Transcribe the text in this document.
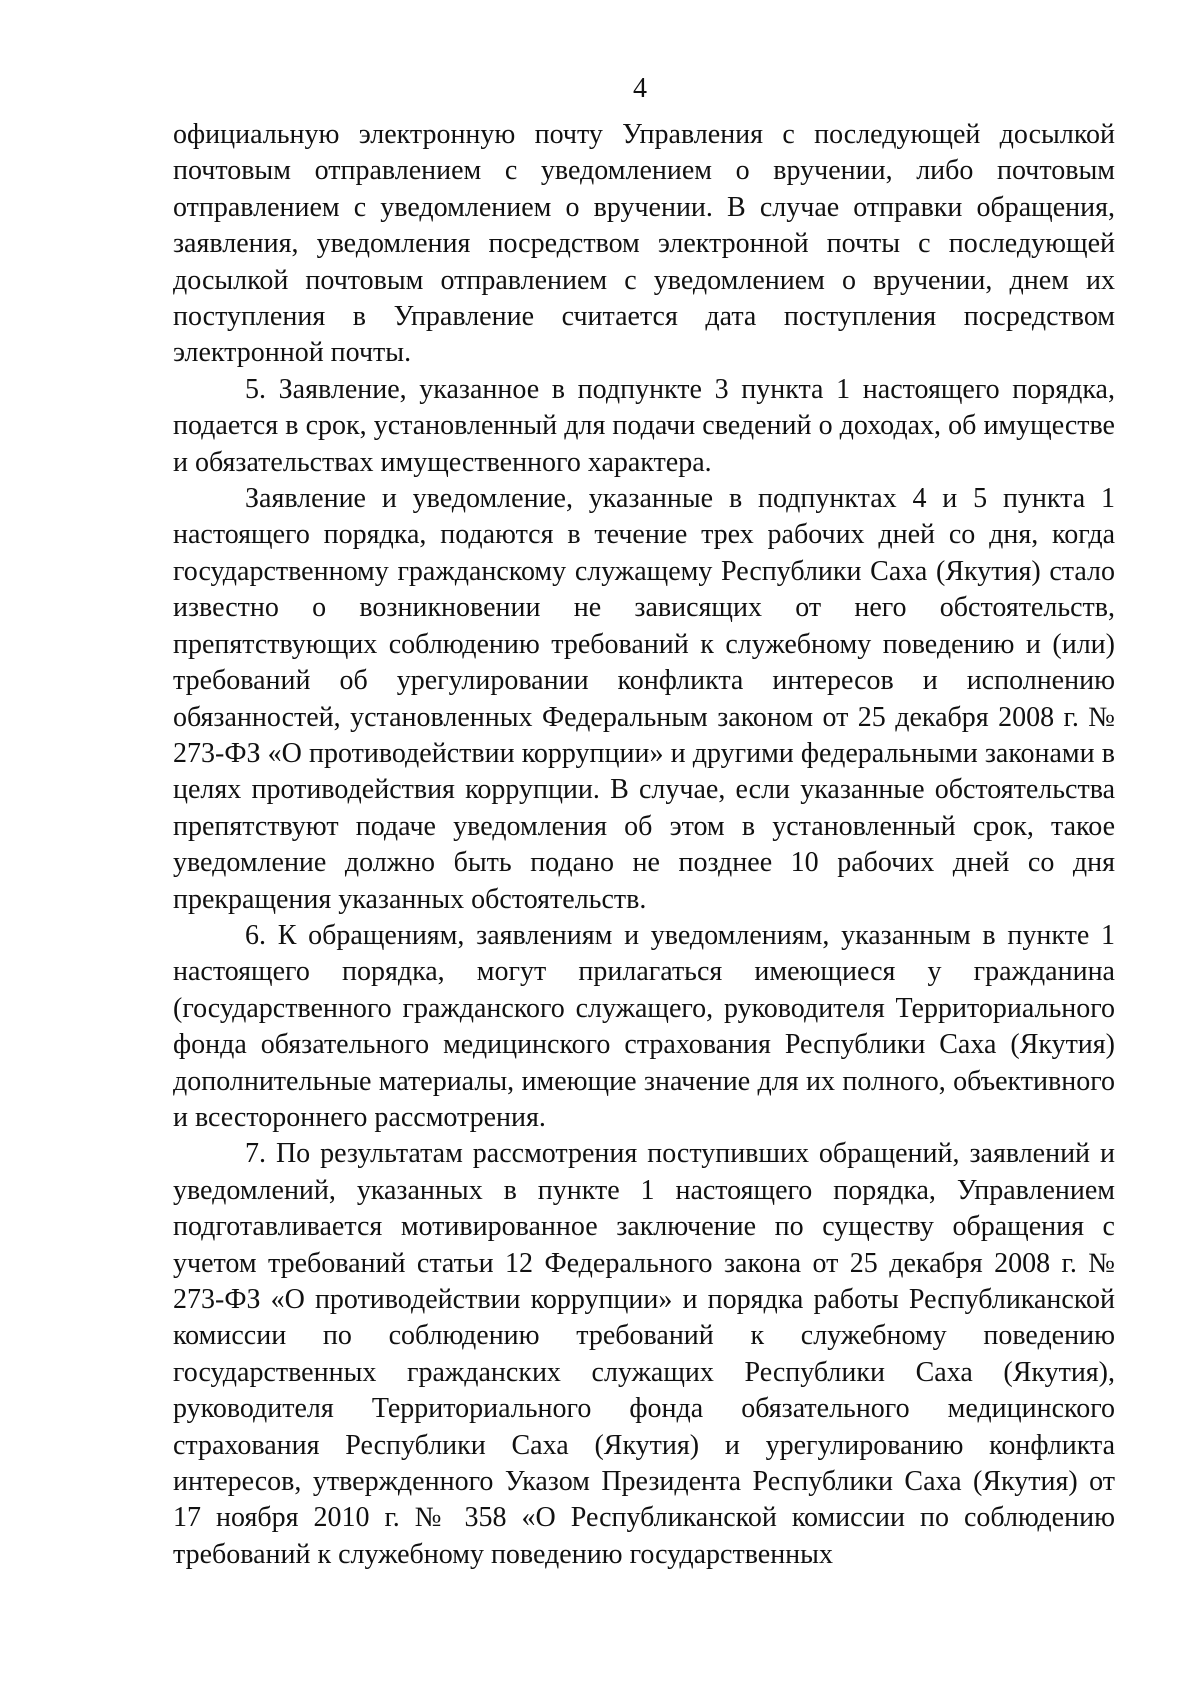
4

официальную электронную почту Управления с последующей досылкой почтовым отправлением с уведомлением о вручении, либо почтовым отправлением с уведомлением о вручении. В случае отправки обращения, заявления, уведомления посредством электронной почты с последующей досылкой почтовым отправлением с уведомлением о вручении, днем их поступления в Управление считается дата поступления посредством электронной почты.

5. Заявление, указанное в подпункте 3 пункта 1 настоящего порядка, подается в срок, установленный для подачи сведений о доходах, об имуществе и обязательствах имущественного характера.

Заявление и уведомление, указанные в подпунктах 4 и 5 пункта 1 настоящего порядка, подаются в течение трех рабочих дней со дня, когда государственному гражданскому служащему Республики Саха (Якутия) стало известно о возникновении не зависящих от него обстоятельств, препятствующих соблюдению требований к служебному поведению и (или) требований об урегулировании конфликта интересов и исполнению обязанностей, установленных Федеральным законом от 25 декабря 2008 г. № 273-ФЗ «О противодействии коррупции» и другими федеральными законами в целях противодействия коррупции. В случае, если указанные обстоятельства препятствуют подаче уведомления об этом в установленный срок, такое уведомление должно быть подано не позднее 10 рабочих дней со дня прекращения указанных обстоятельств.

6. К обращениям, заявлениям и уведомлениям, указанным в пункте 1 настоящего порядка, могут прилагаться имеющиеся у гражданина (государственного гражданского служащего, руководителя Территориального фонда обязательного медицинского страхования Республики Саха (Якутия) дополнительные материалы, имеющие значение для их полного, объективного и всестороннего рассмотрения.

7. По результатам рассмотрения поступивших обращений, заявлений и уведомлений, указанных в пункте 1 настоящего порядка, Управлением подготавливается мотивированное заключение по существу обращения с учетом требований статьи 12 Федерального закона от 25 декабря 2008 г. № 273-ФЗ «О противодействии коррупции» и порядка работы Республиканской комиссии по соблюдению требований к служебному поведению государственных гражданских служащих Республики Саха (Якутия), руководителя Территориального фонда обязательного медицинского страхования Республики Саха (Якутия) и урегулированию конфликта интересов, утвержденного Указом Президента Республики Саха (Якутия) от 17 ноября 2010 г. № 358 «О Республиканской комиссии по соблюдению требований к служебному поведению государственных
